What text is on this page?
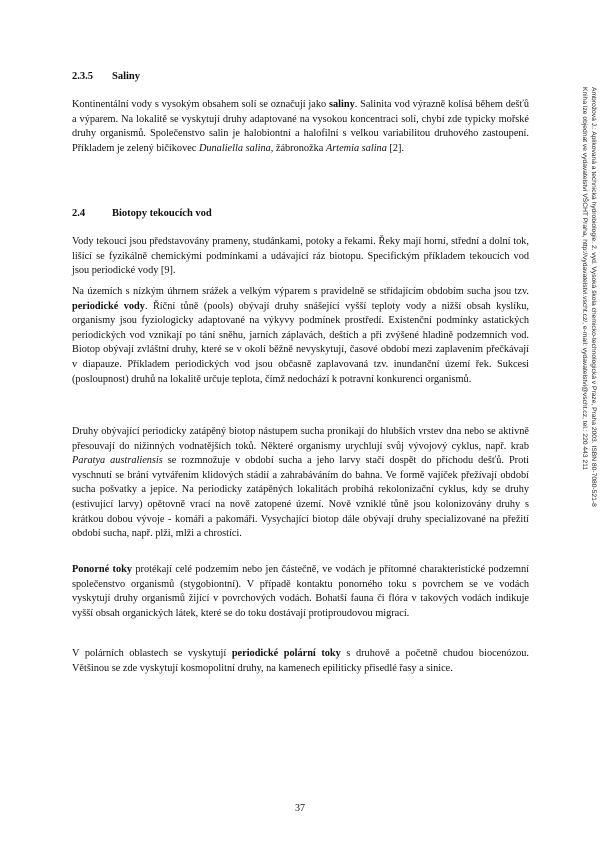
2.3.5 Saliny

Kontinentální vody s vysokým obsahem solí se označují jako saliny. Salinita vod výrazně kolísá během dešťů a výparem. Na lokalitě se vyskytují druhy adaptované na vysokou koncentraci solí, chybí zde typicky mořské druhy organismů. Společenstvo salin je halobiontní a halofilní s velkou variabilitou druhového zastoupení. Příkladem je zelený bičíkovec Dunaliella salina, žábronožka Artemia salina [2].

2.4	Biotopy tekoucích vod

Vody tekoucí jsou představovány prameny, studánkami, potoky a řekami. Řeky mají horní, střední a dolní tok, lišící se fyzikálně chemickými podmínkami a udávající ráz biotopu. Specifickým příkladem tekoucích vod jsou periodické vody [9].

Na územích s nízkým úhrnem srážek a velkým výparem s pravidelně se střídajícím obdobím sucha jsou tzv. periodické vody. Říční tůně (pools) obývají druhy snášející vyšší teploty vody a nižší obsah kyslíku, organismy jsou fyziologicky adaptované na výkyvy podmínek prostředí. Existenční podmínky astatických periodických vod vznikají po tání sněhu, jarních záplavách, deštích a při zvýšené hladině podzemních vod. Biotop obývají zvláštní druhy, které se v okolí běžně nevyskytují, časové období mezi zaplavením přečkávají v diapauze. Příkladem periodických vod jsou občasně zaplavovaná tzv. inundanční území řek. Sukcesi (posloupnost) druhů na lokalitě určuje teplota, čímž nedochází k potravní konkurenci organismů.

Druhy obývající periodicky zatápěný biotop nástupem sucha pronikají do hlubších vrstev dna nebo se aktivně přesouvají do nižinných vodnatějších toků. Některé organismy urychlují svůj vývojový cyklus, např. krab Paratya australiensis se rozmnožuje v období sucha a jeho larvy stačí dospět do příchodu dešťů. Proti vyschnutí se brání vytvářením klidových stádií a zahrabáváním do bahna. Ve formě vajíček přežívají období sucha pošvatky a jepice. Na periodicky zatápěných lokalitách probíhá rekolonizační cyklus, kdy se druhy (estivující larvy) opětovně vrací na nově zatopené území. Nově vzniklé tůně jsou kolonizovány druhy s krátkou dobou vývoje - komáři a pakomáři. Vysychající biotop dále obývají druhy specializované na přežití období sucha, např. plži, mlži a chrostíci.

Ponorné toky protékají celé podzemím nebo jen částečně, ve vodách je přítomné charakteristické podzemní společenstvo organismů (stygobiontní). V případě kontaktu ponorného toku s povrchem se ve vodách vyskytují druhy organismů žijící v povrchových vodách. Bohatší fauna či flóra v takových vodách indikuje vyšší obsah organických látek, které se do toku dostávají protiproudovou migrací.

V polárních oblastech se vyskytují periodické polární toky s druhově a početně chudou biocenózou. Většinou se zde vyskytují kosmopolitní druhy, na kamenech epiliticky přisedlé řasy a sinice.

37

Ambrožová J.: Aplikovaná a technická hydrobiologie. 2. vyd. Vysoká škola chemicko-technologická v Praze, Praha 2003. ISBN 80-7080-521-8
Kniha lze objednat ve vydavatelství VŠCHT Praha, http://vydavatelstvi.vscht.cz/, e-mail: vydavatelstvi@vscht.cz, tel.: 220 443 211
